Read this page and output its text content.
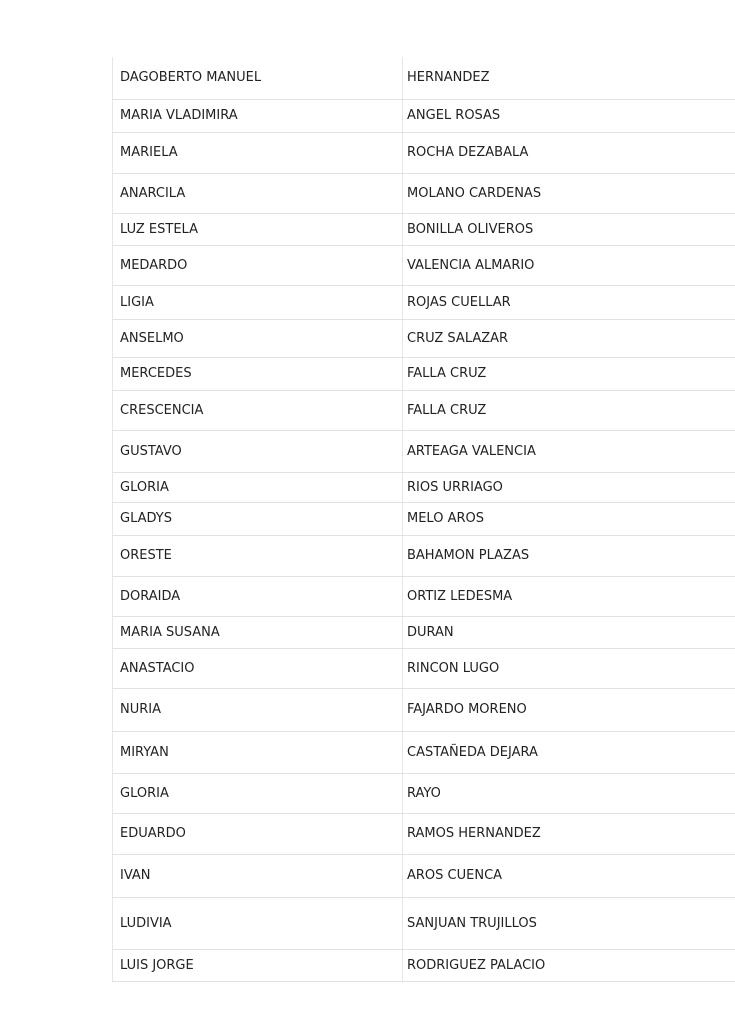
DAGOBERTO MANUEL	HERNANDEZ
MARIA VLADIMIRA	ANGEL ROSAS
MARIELA	ROCHA DEZABALA
ANARCILA	MOLANO CARDENAS
LUZ ESTELA	BONILLA OLIVEROS
MEDARDO	VALENCIA ALMARIO
LIGIA	ROJAS CUELLAR
ANSELMO	CRUZ SALAZAR
MERCEDES	FALLA CRUZ
CRESCENCIA	FALLA CRUZ
GUSTAVO	ARTEAGA VALENCIA
GLORIA	RIOS URRIAGO
GLADYS	MELO AROS
ORESTE	BAHAMON PLAZAS
DORAIDA	ORTIZ LEDESMA
MARIA SUSANA	DURAN
ANASTACIO	RINCON LUGO
NURIA	FAJARDO MORENO
MIRYAN	CASTAÑEDA DEJARA
GLORIA	RAYO
EDUARDO	RAMOS HERNANDEZ
IVAN	AROS CUENCA
LUDIVIA	SANJUAN TRUJILLOS
LUIS JORGE	RODRIGUEZ PALACIO
